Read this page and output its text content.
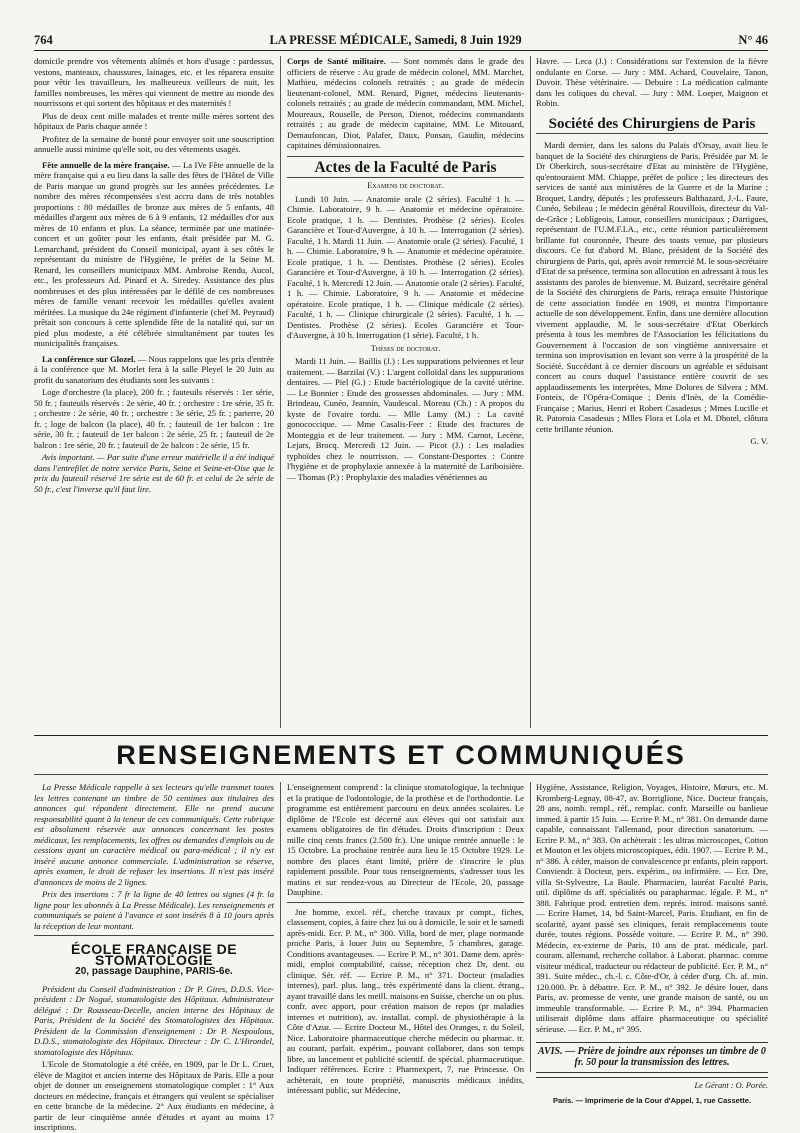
764	LA PRESSE MÉDICALE, Samedi, 8 Juin 1929	N° 46

domicile prendre vos vêtements abîmés et hors d'usage : pardessus, vestons, manteaux, chaussures, lainages, etc. et les réparera ensuite pour vêtir les travailleurs, les malheureux veilleurs de nuit, les familles nombreuses, les mères qui viennent de mettre au monde des nourrissons et qui sortent des hôpitaux et des maternités !

Plus de deux cent mille malades et trente mille mères sortent des hôpitaux de Paris chaque année !

Profitez de la semaine de bonté pour envoyer soit une souscription annuelle aussi minime qu'elle soit, ou des vêtements usagés.

Fête annuelle de la mère française. — La IVe Fête annuelle de la mère française qui a eu lieu dans la salle des fêtes de l'Hôtel de Ville de Paris marque un grand progrès sur les années précédentes. Le nombre des mères récompensées s'est accru dans de très notables proportions : 80 médailles de bronze aux mères de 5 enfants, 48 médailles d'argent aux mères de 6 à 9 enfants, 12 médailles d'or aux mères de 10 enfants et plus. La séance, terminée par une matinée-concert et un goûter pour les enfants, était présidée par M. G. Lemarchand, président du Conseil municipal, ayant à ses côtés le représentant du ministre de l'Hygiène, le préfet de la Seine M. Renard, les conseillers municipaux MM. Ambroise Rendu, Aucol, etc., les professeurs Ad. Pinard et A. Siredey. Assistance des plus nombreuses et des plus intéressées par le défilé de ces nombreuses mères de famille venant recevoir les médailles qu'elles avaient méritées. La musique du 24e régiment d'infanterie (chef M. Peyraud) prêtait son concours à cette splendide fête de la natalité qui, sur un pied plus modeste, a été célébrée simultanément par toutes les municipalités françaises.

La conférence sur Glozel. — Nous rappelons que les prix d'entrée à la conférence que M. Morlet fera à la salle Pleyel le 20 Juin au profit du sanatorium des étudiants sont les suivants :

Loge d'orchestre (la place), 200 fr. ; fauteuils réservés : 1er série, 50 fr. ; fauteuils réservés : 2e série, 40 fr. ; orchestre : 1re série, 35 fr. ; orchestre : 2e série, 40 fr. ; orchestre : 3e série, 25 fr. ; parterre, 20 fr. ; loge de balcon (la place), 40 fr. ; fauteuil de 1er balcon : 1re série, 30 fr. ; fauteuil de 1er balcon : 2e série, 25 fr. ; fauteuil de 2e balcon : 1re série, 20 fr. ; fauteuil de 2e balcon : 2e série, 15 fr.

Avis important. — Par suite d'une erreur matérielle il a été indiqué dans l'entrefilet de notre service Paris, Seine et Seine-et-Oise que le prix du fauteuil réservé 1re série est de 60 fr. et celui de 2e série de 50 fr., c'est l'inverse qu'il faut lire.

Corps de Santé militaire. — Sont nommés dans le grade des officiers de réserve : Au grade de médecin colonel, MM. Marchet, Mathieu, médecins colonels retraités ; au grade de médecin lieutenant-colonel, MM. Renard, Pignet, médecins lieutenants-colonels retraités ; au grade de médecin commandant, MM. Michel, Moureaux, Rouselle, de Person, Dienot, médecins commandants retraités ; au grade de médecin capitaine, MM. Le Mitouard, Demaufoncan, Diot, Palafer, Daux, Ponsan, Gaudin, médecins capitaines démissionnaires.

Actes de la Faculté de Paris
Examens de doctorat.

Lundi 10 Juin. — Anatomie orale (2 séries). Faculté 1 h. — Chimie. Laboratoire, 9 h. — Anatomie et médecine opératoire. Ecole pratique, 1 h. — Dentistes. Prothèse (2 séries). Ecoles Garancière et Tour-d'Auvergne, à 10 h. — Interrogation (2 séries). Faculté, 1 h. Mardi 11 Juin. — Anatomie orale (2 séries). Faculté, 1 h. — Chimie. Laboratoire, 9 h. — Anatomie et médecine opératoire. Ecole pratique, 1 h. — Dentistes. Prothèse (2 séries). Ecoles Garancière et Tour-d'Auvergne, à 10 h. — Interrogation (2 séries). Faculté, 1 h. Mercredi 12 Juin. — Anatomie orale (2 séries). Faculté, 1 h. — Chimie. Laboratoire, 9 h. — Anatomie et médecine opératoire. Ecole pratique, 1 h. — Clinique médicale (2 séries). Faculté, 1 h. — Clinique chirurgicale (2 séries). Faculté, 1 h. — Dentistes. Prothèse (2 séries). Ecoles Garancière et Tour-d'Auvergne, à 10 h. Interrogation (1 série). Faculté, 1 h.

Thèses de doctorat.

Mardi 11 Juin. — Baillis (J.) : Les suppurations pelviennes et leur traitement. — Barzilai (V.) : L'argent colloïdal dans les suppurations dentaires. — Piel (G.) : Etude bactériologique de la cavité utérine. — Le Bonnier : Etude des grossesses abdominales. — Jury : MM. Brindeau, Cunéo, Jeannin, Vaudescal. Moreau (Ch.) : A propos du kyste de l'ovaire tordu. — Mlle Lamy (M.) : La cavité gonococcique. — Mme Casalis-Feer : Etude des fractures de Monteggia et de leur traitement. — Jury : MM. Carnot, Lecène, Lejars, Brocq. Mercredi 12 Juin. — Picot (J.) : Les maladies typhoïdes chez le nourrisson. — Constant-Desportes : Contre l'hygiène et de prophylaxie annexée à la maternité de Lariboisière. — Thomas (P.) : Prophylaxie des maladies vénériennes au

Havre. — Leca (J.) : Considérations sur l'extension de la fièvre ondulante en Corse. — Jury : MM. Achard, Couvelaire, Tanon, Duvoir. Thèse vétérinaire. — Debuire : La médication calmante dans les coliques du cheval. — Jury : MM. Loeper, Maignon et Robin.

Société des Chirurgiens de Paris

Mardi dernier, dans les salons du Palais d'Orsay, avait lieu le banquet de la Société des chirurgiens de Paris. Présidée par M. le Dr Oberkirch, sous-secrétaire d'Etat au ministère de l'Hygiène, qu'entouraient MM. Chiappe, préfet de police ; les directeurs des services de santé aux ministères de la Guerre et de la Marine ; Broquet, Landry, députés ; les professeurs Balthazard, J.-L. Faure, Cunéo, Sebileau ; le médecin général Rouvillois, directeur du Val-de-Grâce ; Loblígeois, Latour, conseillers municipaux ; Dartigues, représentant de l'U.M.F.I.A., etc., cette réunion particulièrement brillante fut couronnée, l'heure des toasts venue, par plusieurs discours. Ce fut d'abord M. Blanc, président de la Société des chirurgiens de Paris, qui, après avoir remercié M. le sous-secrétaire d'Etat de sa présence, termina son allocution en adressant à tous les assistants des paroles de bienvenue. M. Buizard, secrétaire général de la Société des chirurgiens de Paris, retraça ensuite l'historique de cette association fondée en 1909, et montra l'importance actuelle de son développement. Enfin, dans une dernière allocution vivement applaudie, M. le sous-secrétaire d'Etat Oberkirch présenta à tous les membres de l'Association les félicitations du Gouvernement à l'occasion de son vingtième anniversaire et termina son improvisation en levant son verre à la prospérité de la Société. Succédant à ce dernier discours un agréable et séduisant concert au cours duquel l'assistance entière couvrit de ses applaudissements les interprètes, Mme Dolores de Silvera ; MM. Fonteix, de l'Opéra-Comique ; Denis d'Inès, de la Comédie-Française ; Marius, Henri et Robert Casadesus ; Mmes Lucille et R. Patornia Casadesus ; Mlles Flora et Lola et M. Dhotel, clôtura cette brillante réunion.

G. V.
RENSEIGNEMENTS ET COMMUNIQUÉS

La Presse Médicale rappelle à ses lecteurs qu'elle transmet toutes les lettres contenant un timbre de 50 centimes aux titulaires des annonces qui répondent directement. Elle ne prend aucune responsabilité quant à la teneur de ces communiqués. Cette rubrique est absolument réservée aux annonces concernant les postes médicaux, les remplacements, les offres ou demandes d'emplois ou de cessions ayant un caractère médical ou para-médical ; il n'y est inséré aucune annonce commerciale. L'administration se réserve, après examen, le droit de refuser les insertions. Il n'est pas inséré d'annonces de moins de 2 lignes.

Prix des insertions : 7 fr la ligne de 40 lettres ou signes (4 fr. la ligne pour les abonnés à La Presse Médicale). Les renseignements et communiqués se paient à l'avance et sont insérés 8 à 10 jours après la réception de leur montant.

ÉCOLE FRANÇAISE DE STOMATOLOGIE
20, passage Dauphine, PARIS-6e.

Président du Conseil d'administration : Dr P. Gires, D.D.S. Vice-président : Dr Nogué, stomatologiste des Hôpitaux. Administrateur délégué : Dr Rousseau-Decelle, ancien interne des Hôpitaux de Paris, Président de la Société des Stomatologistes des Hôpitaux. Président de la Commission d'enseignement : Dr P. Nespoulous, D.D.S., stomatologiste des Hôpitaux. Directeur : Dr C. L'Hirondel, stomatologiste des Hôpitaux.

L'Ecole de Stomatologie a été créée, en 1909, par le Dr L. Cruet, élève de Magitot et ancien interne des Hôpitaux de Paris. Elle a pour objet de donner un enseignement stomatologique complet : 1° Aux docteurs en médecine, français et étrangers qui veulent se spécialiser en cette branche de la médecine. 2° Aux étudiants en médecine, à partir de leur cinquième année d'études et ayant au moins 17 inscriptions.

L'enseignement comprend : la clinique stomatologique, la technique et la pratique de l'odontologie, de la prothèse et de l'orthodontie. Le programme est entièrement parcouru en deux années scolaires. Le diplôme de l'Ecole est décerné aux élèves qui ont satisfait aux examens obligatoires de fin d'études. Droits d'inscription : Deux mille cinq cents francs (2.500 fr.). Une unique rentrée annuelle : le 15 Octobre. La prochaine rentrée aura lieu le 15 Octobre 1929. Le nombre des places étant limité, prière de s'inscrire le plus rapidement possible. Pour tous renseignements, s'adresser tous les matins et sur rendez-vous au Directeur de l'Ecole, 20, passage Dauphine.

Jne homme, excel. réf., cherche travaux pr compt., fiches, classement, copies, à faire chez lui ou à domicile, le soir et le samedi après-midi. Ecr. P. M., n° 300. Villa, bord de mer, plage normande proche Paris, à louer Juin ou Septembre, 5 chambres, garage. Conditions avantageuses. — Ecrire P. M., n° 301. Dame dem. après-midi, emploi comptabilité, caisse, réception chez Dr, dent. ou clinique. Sér. réf. — Ecrire P. M., n° 371. Docteur (maladies internes), parl. plus. lang., très expérimenté dans la client. étrang., ayant travaillé dans les meill. maisons en Suisse, cherche un ou plus. confr. avec apport, pour création maison de repos (pr maladies internes et nutrition), av. installat. compl. de physiothérapie à la Côte d'Azur. — Ecrire Docteur M., Hôtel des Oranges, r. du Soleil, Nice. Laboratoire pharmaceutique cherche médecin ou pharmac. tr. au courant, parfait. expérim., pouvant collaborer, dans son temps libre, au lancement et publicité scientif. de spécial. pharmaceutique. Indiquer références. Ecrire : Pharmexpert, 7, rue Princesse. On achèterait, en toute propriété, manuscrits médicaux inédits, intéressant public, sur Médecine,

Hygiène, Assistance, Religion, Voyages, Histoire, Mœurs, etc. M. Kromberg-Legnay, 08-47, av. Borriglione, Nice. Docteur français, 28 ans, nomb. rempl., réf., remplac. confr. Marseille ou banlieue immed. à partir 15 Juin. — Ecrire P. M., n° 381. On demande dame capable, connaissant l'allemand, pour direction sanatorium. — Ecrire P. M., n° 383. On achèterait : les ultras microscopes, Cotton et Mouton et les objets microscopiques, édit. 1907. — Ecrire P. M., n° 386. À céder, maison de convalescence pr enfants, plein rapport. Conviendr. à Docteur, pers. expérim., ou infirmière. — Ecr. Dre, villa St-Sylvestre, La Baule. Pharmacien, lauréat Faculté Paris, util. diplôme ds aff. spécialités ou parapharmac. légale. P. M., n° 388. Fabrique prod. entretien dem. représ. introd. maisons santé. — Ecrire Hamet, 14, bd Saint-Marcel, Paris. Etudiant, en fin de scolarité, ayant passé ses cliniques, ferait remplacements toute durée, toutes régions. Possède voiture. — Ecrire P. M., n° 390. Médecin, ex-externe de Paris, 10 ans de prat. médicale, parl. couram. allemand, recherche collabor. à Laborat. pharmac. comme visiteur médical, traducteur ou rédacteur de publicité. Ecr. P. M., n° 391. Suite médec., ch.-l. c. Côte-d'Or, à céder d'urg. Ch. af. min. 120.000. Pr. à débattre. Ecr. P. M., n° 392. Je désire louer, dans Paris, av. promesse de vente, une grande maison de santé, ou un immeuble transformable. — Ecrire P. M., n° 394. Pharmacien utiliserait diplôme dans affaire pharmaceutique ou spécialité sérieuse. — Ecr. P. M., n° 395.

AVIS. — Prière de joindre aux réponses un timbre de 0 fr. 50 pour la transmission des lettres.
Le Gérant : O. Porée.
Paris. — Imprimerie de la Cour d'Appel, 1, rue Cassette.
